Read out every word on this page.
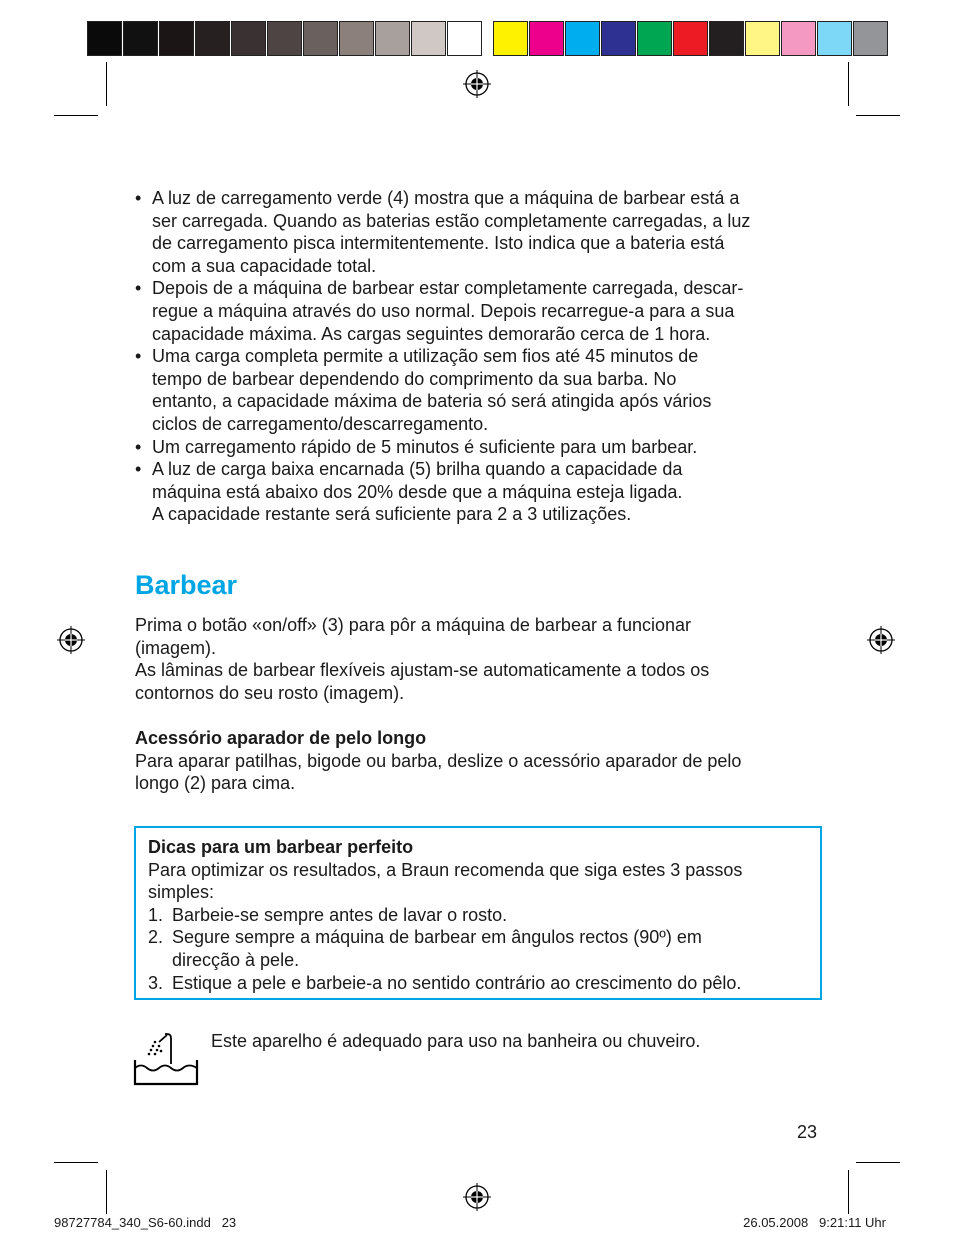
• A luz de carregamento verde (4) mostra que a máquina de barbear está a
ser carregada. Quando as baterias estão completamente carregadas, a luz
de carregamento pisca intermitentemente. Isto indica que a bateria está
com a sua capacidade total.
• Depois de a máquina de barbear estar completamente carregada, descar-
regue a máquina através do uso normal. Depois recarregue-a para a sua
capacidade máxima. As cargas seguintes demorarão cerca de 1 hora.
• Uma carga completa permite a utilização sem fios até 45 minutos de
tempo de barbear dependendo do comprimento da sua barba. No
entanto, a capacidade máxima de bateria só será atingida após vários
ciclos de carregamento/descarregamento.
• Um carregamento rápido de 5 minutos é suficiente para um barbear.
• A luz de carga baixa encarnada (5) brilha quando a capacidade da
máquina está abaixo dos 20% desde que a máquina esteja ligada.
A capacidade restante será suficiente para 2 a 3 utilizações.
Barbear
Prima o botão «on/off» (3) para pôr a máquina de barbear a funcionar
(imagem).
As lâminas de barbear flexíveis ajustam-se automaticamente a todos os
contornos do seu rosto (imagem).
Acessório aparador de pelo longo
Para aparar patilhas, bigode ou barba, deslize o acessório aparador de pelo
longo (2) para cima.
Dicas para um barbear perfeito
Para optimizar os resultados, a Braun recomenda que siga estes 3 passos
simples:
1. Barbeie-se sempre antes de lavar o rosto.
2. Segure sempre a máquina de barbear em ângulos rectos (90º) em
direcção à pele.
3. Estique a pele e barbeie-a no sentido contrário ao crescimento do pêlo.
Este aparelho é adequado para uso na banheira ou chuveiro.
23
98727784_340_S6-60.indd   23	26.05.2008   9:21:11 Uhr
